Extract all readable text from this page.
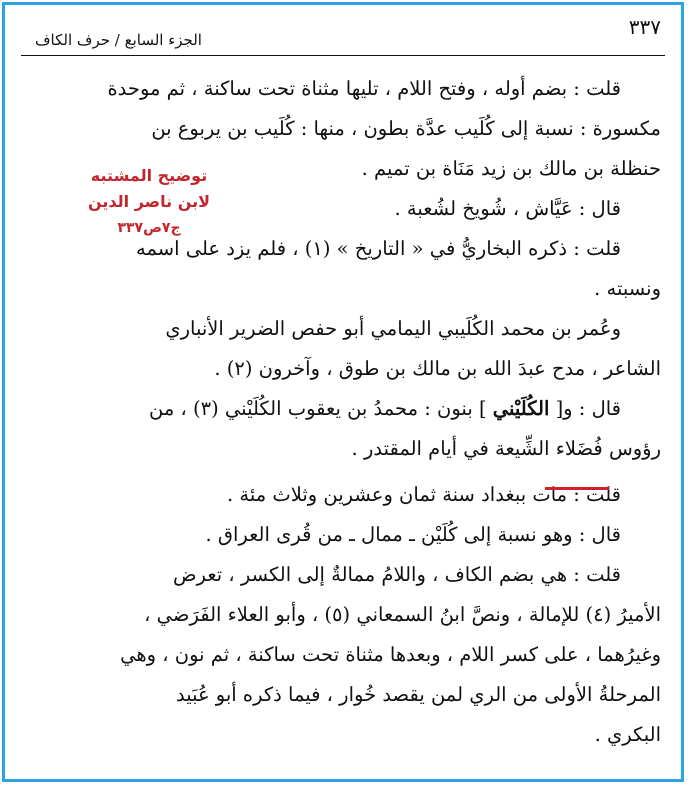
٣٣٧
الجزء السابع / حرف الكاف
توضيح المشتبه
لابن ناصر الدين
ج٧ص٣٣٧

قلت : بضم أوله ، وفتح اللام ، تليها مثناة تحت ساكنة ، ثم موحدة

مكسورة : نسبة إلى كُلَيب عدَّة بطون ، منها : كُلَيب بن يربوع بن

حنظلة بن مالك بن زيد مَنَاة بن تميم .

قال : عَيَّاش ، شُويخ لشُعبة .

قلت : ذكره البخاريُّ في « التاريخ » (١) ، فلم يزد على اسمه

ونسبته .

وعُمر بن محمد الكُلَيبي اليمامي أبو حفص الضرير الأنباري

الشاعر ، مدح عبدَ الله بن مالك بن طوق ، وآخرون (٢) .

قال : و[ الكُلَيْني ] بنون : محمدُ بن يعقوب الكُلَيْني (٣) ، من

رؤوس فُضَلاء الشِّيعة في أيام المقتدر .

قلت : مات ببغداد سنة ثمان وعشرين وثلاث مئة .

قال : وهو نسبة إلى كُلَيْن ـ ممال ـ من قُرى العراق .

قلت : هي بضم الكاف ، واللامُ ممالةٌ إلى الكسر ، تعرض

الأميرُ (٤) للإمالة ، ونصَّ ابنُ السمعاني (٥) ، وأبو العلاء الفَرَضي ،

وغيرُهما ، على كسر اللام ، وبعدها مثناة تحت ساكنة ، ثم نون ، وهي

المرحلةُ الأولى من الري لمن يقصد خُوار ، فيما ذكره أبو عُبَيد

البكري .
